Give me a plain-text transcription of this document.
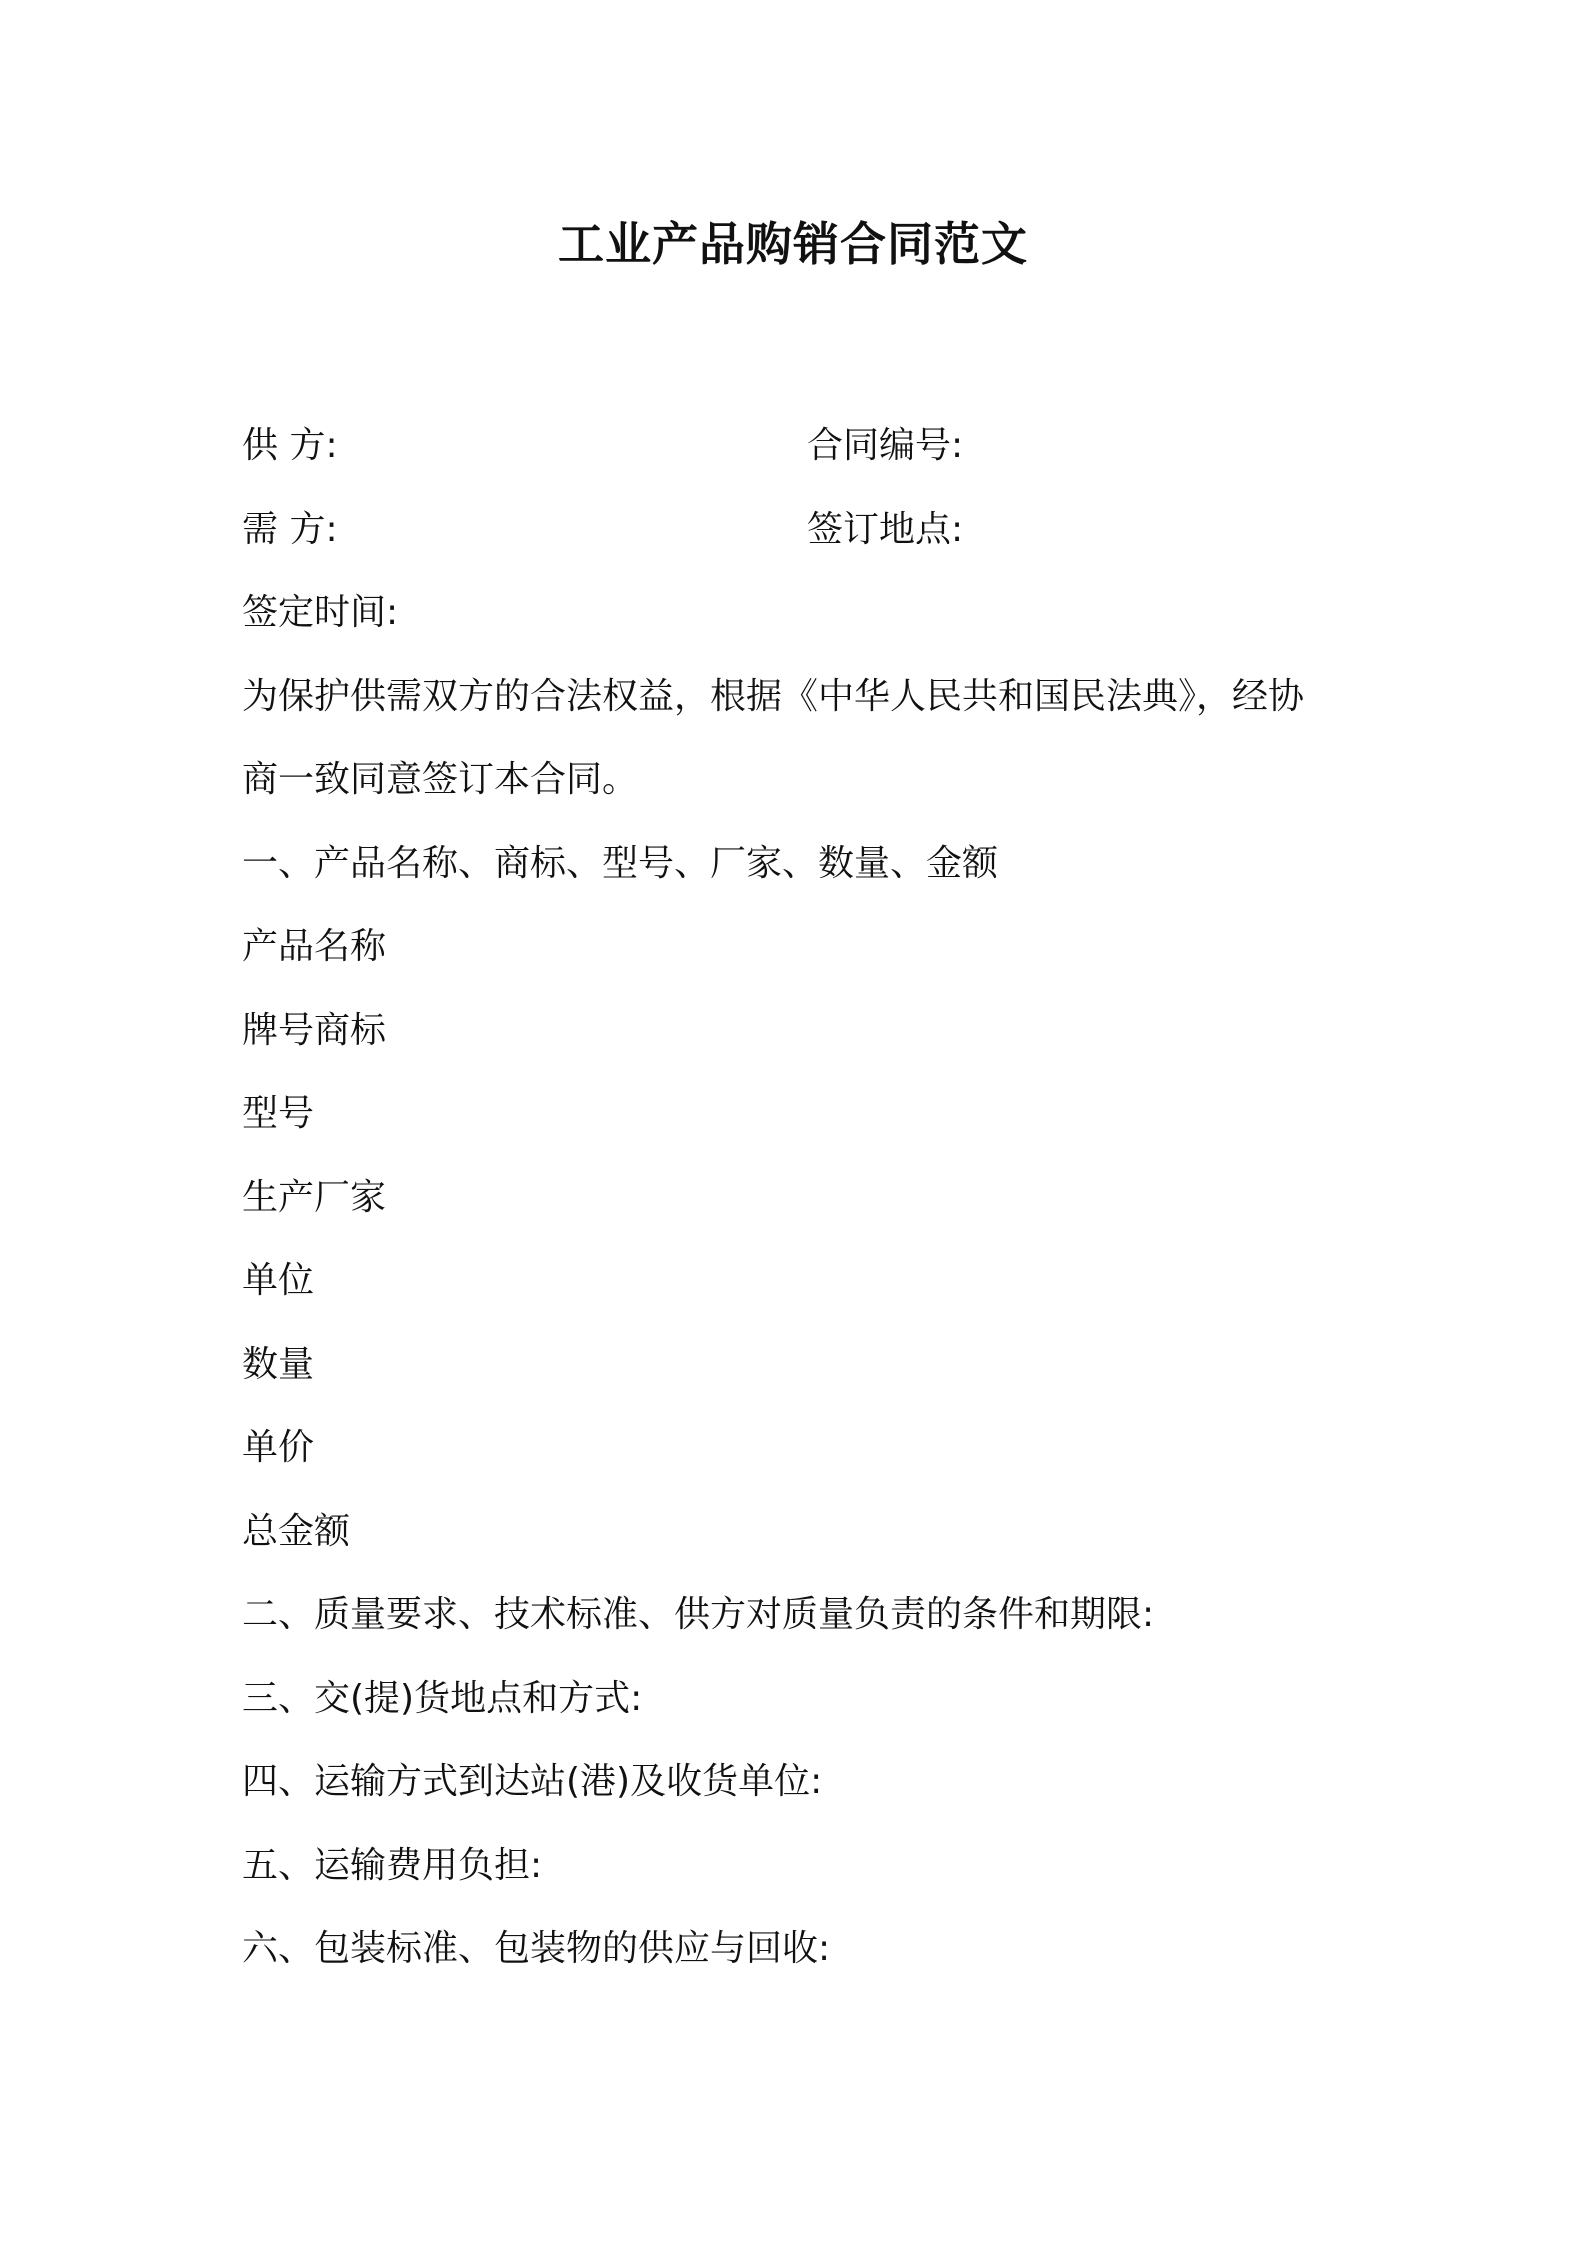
工业产品购销合同范文
供 方:	合同编号:
需 方:	签订地点:
签定时间:
为保护供需双方的合法权益，根据《中华人民共和国民法典》，经协
商一致同意签订本合同。
一、产品名称、商标、型号、厂家、数量、金额
产品名称
牌号商标
型号
生产厂家
单位
数量
单价
总金额
二、质量要求、技术标准、供方对质量负责的条件和期限:
三、交(提)货地点和方式:
四、运输方式到达站(港)及收货单位:
五、运输费用负担:
六、包装标准、包装物的供应与回收:
